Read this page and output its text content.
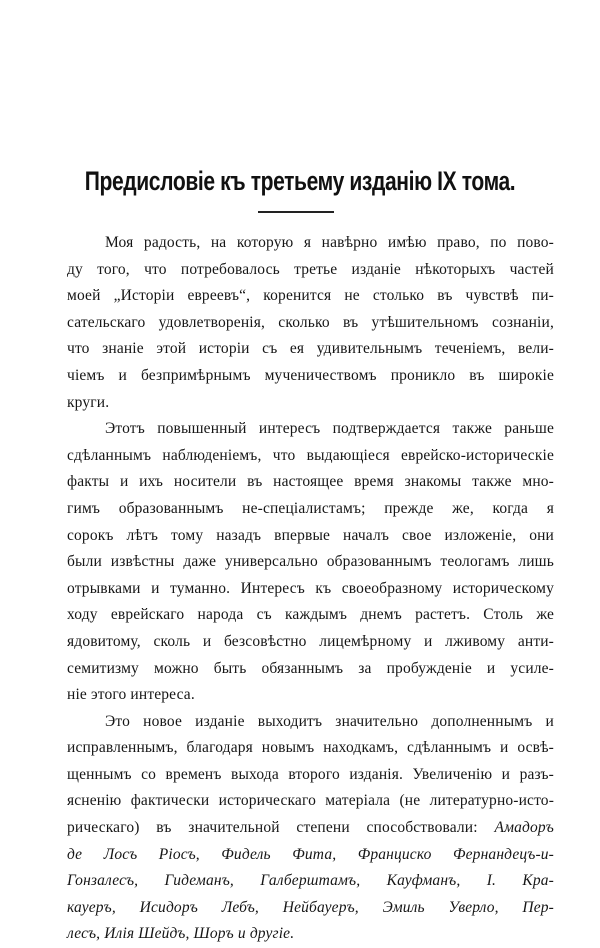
Предисловіе къ третьему изданію IX тома.
Моя радость, на которую я навѣрно имѣю право, по пово-
ду того, что потребовалось третье изданіе нѣкоторыхъ частей
моей „Исторіи евреевъ“, коренится не столько въ чувствѣ пи-
сательскаго удовлетворенія, сколько въ утѣшительномъ сознаніи,
что знаніе этой исторіи съ ея удивительнымъ теченіемъ, вели-
чіемъ и безпримѣрнымъ мученичествомъ проникло въ широкіе
круги.
Этотъ повышенный интересъ подтверждается также раньше
сдѣланнымъ наблюденіемъ, что выдающіеся еврейско-историческіе
факты и ихъ носители въ настоящее время знакомы также мно-
гимъ образованнымъ не-спеціалистамъ; прежде же, когда я
сорокъ лѣтъ тому назадъ впервые началъ свое изложеніе, они
были извѣстны даже универсально образованнымъ теологамъ лишь
отрывками и туманно. Интересъ къ своеобразному историческому
ходу еврейскаго народа съ каждымъ днемъ растетъ. Столь же
ядовитому, сколь и безсовѣстно лицемѣрному и лживому анти-
семитизму можно быть обязаннымъ за пробужденіе и усиле-
ніе этого интереса.
Это новое изданіе выходитъ значительно дополненнымъ и
исправленнымъ, благодаря новымъ находкамъ, сдѣланнымъ и освѣ-
щеннымъ со временъ выхода второго изданія. Увеличенію и разъ-
ясненію фактически историческаго матеріала (не литературно-исто-
рическаго) въ значительной степени способствовали: Амадоръ
де Лосъ Ріосъ, Фидель Фита, Франциско Фернандецъ-и-
Гонзалесъ, Гидеманъ, Галберштамъ, Кауфманъ, І. Кра-
кауеръ, Исидоръ Лебъ, Нейбауеръ, Эмиль Уверло, Пер-
лесъ, Илія Шейдъ, Шоръ и другіе.
